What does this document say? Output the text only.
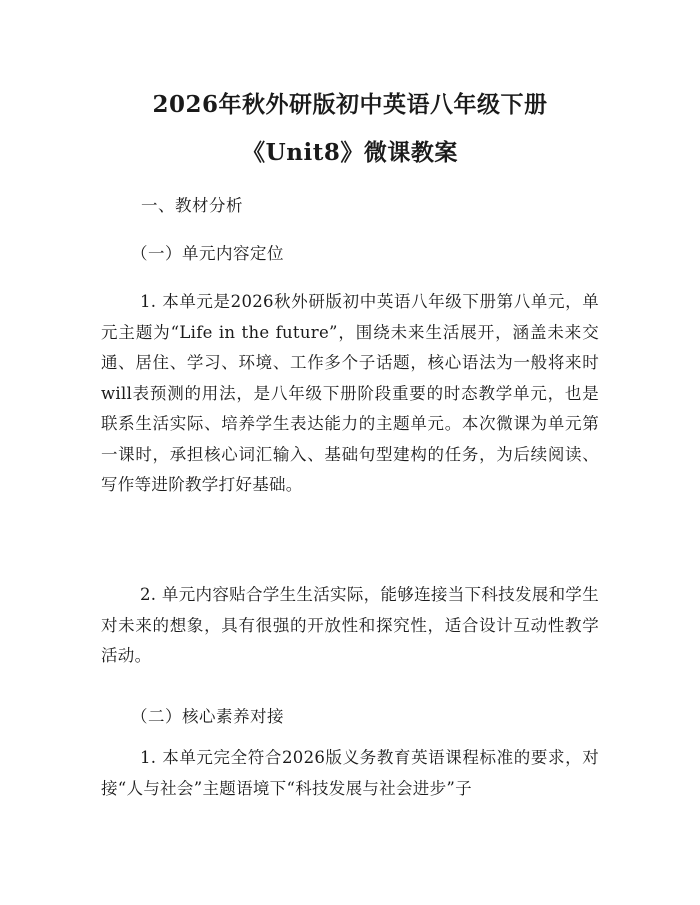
2026年秋外研版初中英语八年级下册
《Unit8》微课教案
一、教材分析
（一）单元内容定位
1. 本单元是2026秋外研版初中英语八年级下册第八单元，单元主题为“Life in the future”，围绕未来生活展开，涵盖未来交通、居住、学习、环境、工作多个子话题，核心语法为一般将来时will表预测的用法，是八年级下册阶段重要的时态教学单元，也是联系生活实际、培养学生表达能力的主题单元。本次微课为单元第一课时，承担核心词汇输入、基础句型建构的任务，为后续阅读、写作等进阶教学打好基础。
2. 单元内容贴合学生生活实际，能够连接当下科技发展和学生对未来的想象，具有很强的开放性和探究性，适合设计互动性教学活动。
（二）核心素养对接
1. 本单元完全符合2026版义务教育英语课程标准的要求，对接“人与社会”主题语境下“科技发展与社会进步”子
